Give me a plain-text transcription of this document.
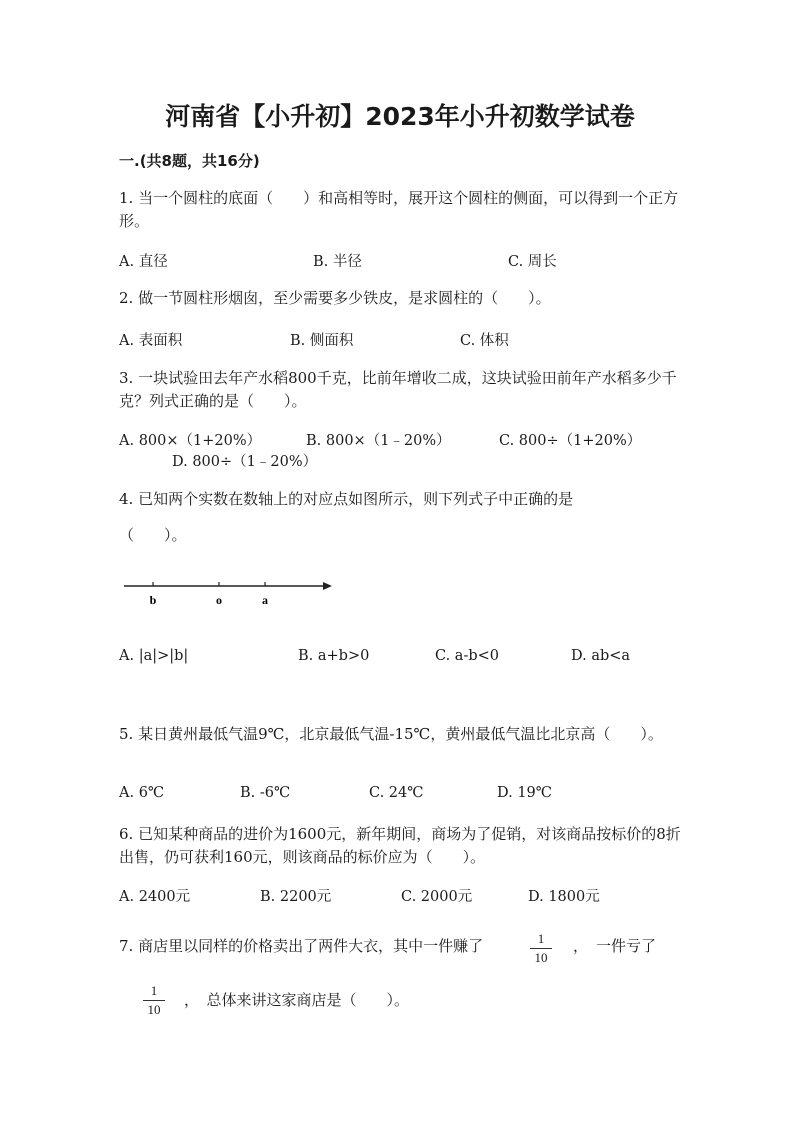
河南省【小升初】2023年小升初数学试卷
一.(共8题，共16分)
1. 当一个圆柱的底面（　　）和高相等时，展开这个圆柱的侧面，可以得到一个正方形。
A. 直径	B. 半径	C. 周长
2. 做一节圆柱形烟囱，至少需要多少铁皮，是求圆柱的（　　）。
A. 表面积	B. 侧面积	C. 体积
3. 一块试验田去年产水稻800千克，比前年增收二成，这块试验田前年产水稻多少千克？列式正确的是（　　）。
A. 800×（1+20%）	B. 800×（1﹣20%）	C. 800÷（1+20%）
D. 800÷（1﹣20%）
4. 已知两个实数在数轴上的对应点如图所示，则下列式子中正确的是
（　　）。
b	o	a
A. |a|>|b|	B. a+b>0	C. a-b<0	D. ab<a
5. 某日黄州最低气温9℃，北京最低气温-15℃，黄州最低气温比北京高（　　）。
A. 6℃	B. -6℃	C. 24℃	D. 19℃
6. 已知某种商品的进价为1600元，新年期间，商场为了促销，对该商品按标价的8折出售，仍可获利160元，则该商品的标价应为（　　）。
A. 2400元	B. 2200元	C. 2000元	D. 1800元
7. 商店里以同样的价格卖出了两件大衣，其中一件赚了	1
10
， 一件亏了
1
10
，　总体来讲这家商店是（　　）。
